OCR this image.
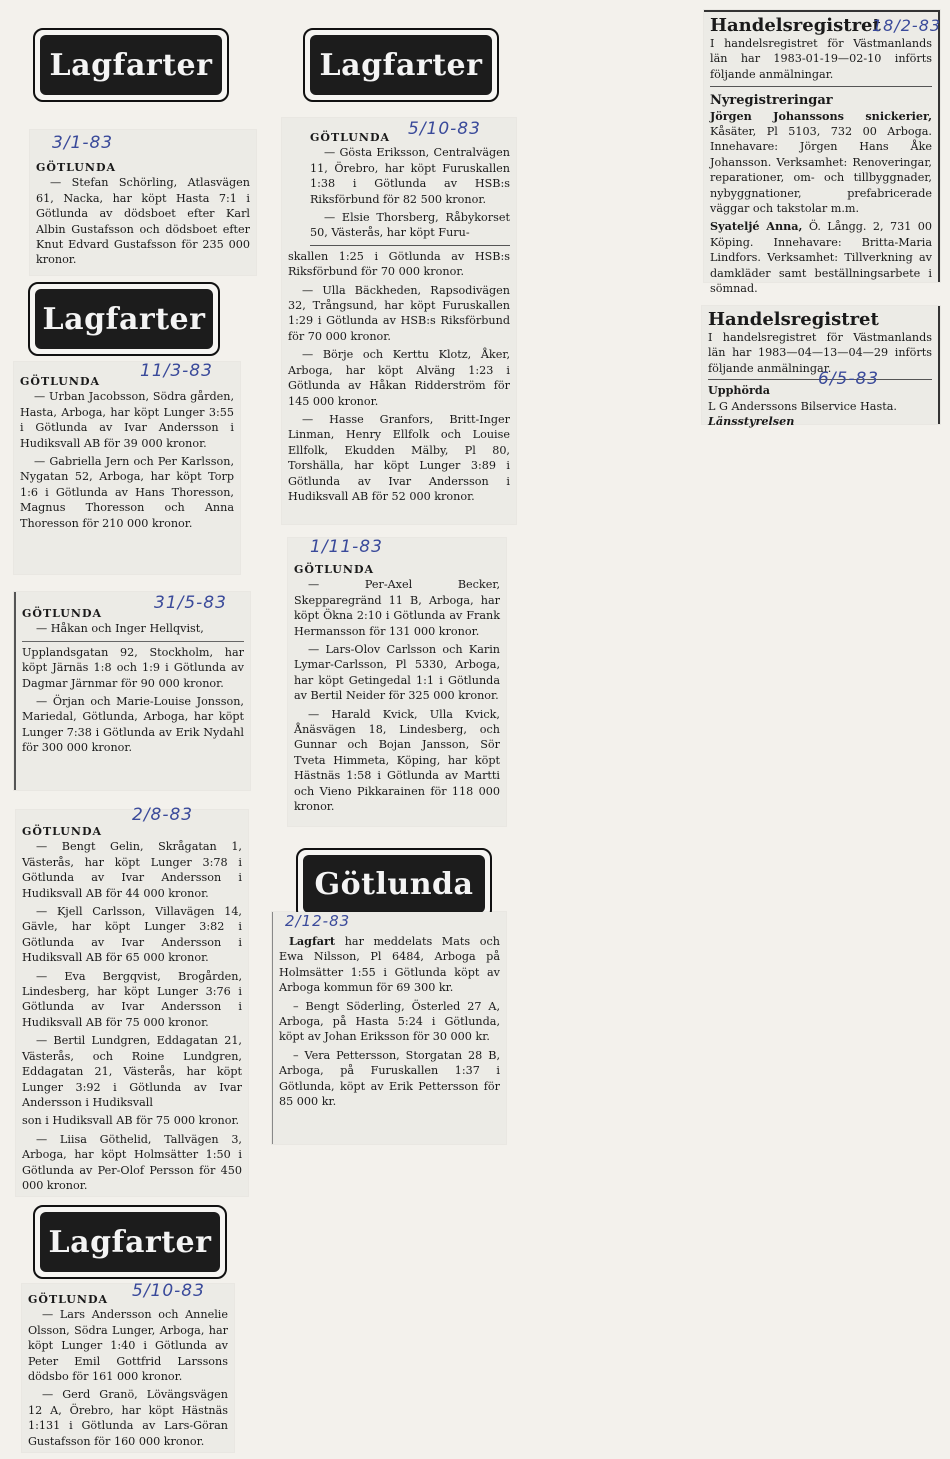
Lagfarter
3/1-83
GÖTLUNDA

— Stefan Schörling, Atlasvägen 61, Nacka, har köpt Hasta 7:1 i Götlunda av dödsboet efter Karl Albin Gustafsson och dödsboet efter Knut Edvard Gustafsson för 235 000 kronor.

Lagfarter
11/3-83
GÖTLUNDA

— Urban Jacobsson, Södra gården, Hasta, Arboga, har köpt Lunger 3:55 i Götlunda av Ivar Andersson i Hudiksvall AB för 39 000 kronor.

— Gabriella Jern och Per Karlsson, Nygatan 52, Arboga, har köpt Torp 1:6 i Götlunda av Hans Thoresson, Magnus Thoresson och Anna Thoresson för 210 000 kronor.

31/5-83
GÖTLUNDA

— Håkan och Inger Hellqvist,

Upplandsgatan 92, Stockholm, har köpt Järnäs 1:8 och 1:9 i Götlunda av Dagmar Järnmar för 90 000 kronor.

— Örjan och Marie-Louise Jonsson, Mariedal, Götlunda, Arboga, har köpt Lunger 7:38 i Götlunda av Erik Nydahl för 300 000 kronor.

2/8-83
GÖTLUNDA

— Bengt Gelin, Skrågatan 1, Västerås, har köpt Lunger 3:78 i Götlunda av Ivar Andersson i Hudiksvall AB för 44 000 kronor.

— Kjell Carlsson, Villavägen 14, Gävle, har köpt Lunger 3:82 i Götlunda av Ivar Andersson i Hudiksvall AB för 65 000 kronor.

— Eva Bergqvist, Brogården, Lindesberg, har köpt Lunger 3:76 i Götlunda av Ivar Andersson i Hudiksvall AB för 75 000 kronor.

— Bertil Lundgren, Eddagatan 21, Västerås, och Roine Lundgren, Eddagatan 21, Västerås, har köpt Lunger 3:92 i Götlunda av Ivar Andersson i Hudiksvall

son i Hudiksvall AB för 75 000 kronor.

— Liisa Göthelid, Tallvägen 3, Arboga, har köpt Holmsätter 1:50 i Götlunda av Per-Olof Persson för 450 000 kronor.

Lagfarter
5/10-83
GÖTLUNDA

— Lars Andersson och Annelie Olsson, Södra Lunger, Arboga, har köpt Lunger 1:40 i Götlunda av Peter Emil Gottfrid Larssons dödsbo för 161 000 kronor.

— Gerd Granö, Lövängsvägen 12 A, Örebro, har köpt Hästnäs 1:131 i Götlunda av Lars-Göran Gustafsson för 160 000 kronor.

Lagfarter
5/10-83
GÖTLUNDA

— Gösta Eriksson, Centralvägen 11, Örebro, har köpt Furuskallen 1:38 i Götlunda av HSB:s Riksförbund för 82 500 kronor.

— Elsie Thorsberg, Råbykorset 50, Västerås, har köpt Furu-

skallen 1:25 i Götlunda av HSB:s Riksförbund för 70 000 kronor.

— Ulla Bäckheden, Rapsodivägen 32, Trångsund, har köpt Furuskallen 1:29 i Götlunda av HSB:s Riksförbund för 70 000 kronor.

— Börje och Kerttu Klotz, Åker, Arboga, har köpt Alväng 1:23 i Götlunda av Håkan Ridderström för 145 000 kronor.

— Hasse Granfors, Britt-Inger Linman, Henry Ellfolk och Louise Ellfolk, Ekudden Mälby, Pl 80, Torshälla, har köpt Lunger 3:89 i Götlunda av Ivar Andersson i Hudiksvall AB för 52 000 kronor.

1/11-83
GÖTLUNDA

— Per-Axel Becker, Skepparegränd 11 B, Arboga, har köpt Ökna 2:10 i Götlunda av Frank Hermansson för 131 000 kronor.

— Lars-Olov Carlsson och Karin Lymar-Carlsson, Pl 5330, Arboga, har köpt Getingedal 1:1 i Götlunda av Bertil Neider för 325 000 kronor.

— Harald Kvick, Ulla Kvick, Ånäsvägen 18, Lindesberg, och Gunnar och Bojan Jansson, Sör Tveta Himmeta, Köping, har köpt Hästnäs 1:58 i Götlunda av Martti och Vieno Pikkarainen för 118 000 kronor.

Götlunda
2/12-83

Lagfart har meddelats Mats och Ewa Nilsson, Pl 6484, Arboga på Holmsätter 1:55 i Götlunda köpt av Arboga kommun för 69 300 kr.

– Bengt Söderling, Österled 27 A, Arboga, på Hasta 5:24 i Götlunda, köpt av Johan Eriksson för 30 000 kr.

– Vera Pettersson, Storgatan 28 B, Arboga, på Furuskallen 1:37 i Götlunda, köpt av Erik Pettersson för 85 000 kr.

18/2-83
Handelsregistret

I handelsregistret för Västmanlands län har 1983-01-19—02-10 införts följande anmälningar.

Nyregistreringar

Jörgen Johanssons snickerier, Kåsäter, Pl 5103, 732 00 Arboga. Innehavare: Jörgen Hans Åke Johansson. Verksamhet: Renoveringar, reparationer, om- och tillbyggnader, nybyggnationer, prefabricerade väggar och takstolar m.m.

Syateljé Anna, Ö. Långg. 2, 731 00 Köping. Innehavare: Britta-Maria Lindfors. Verksamhet: Tillverkning av damkläder samt beställningsarbete i sömnad.

6/5-83
Handelsregistret

I handelsregistret för Västmanlands län har 1983—04—13—04—29 införts följande anmälningar.

Upphörda
L G Anderssons Bilservice Hasta.
Länsstyrelsen
